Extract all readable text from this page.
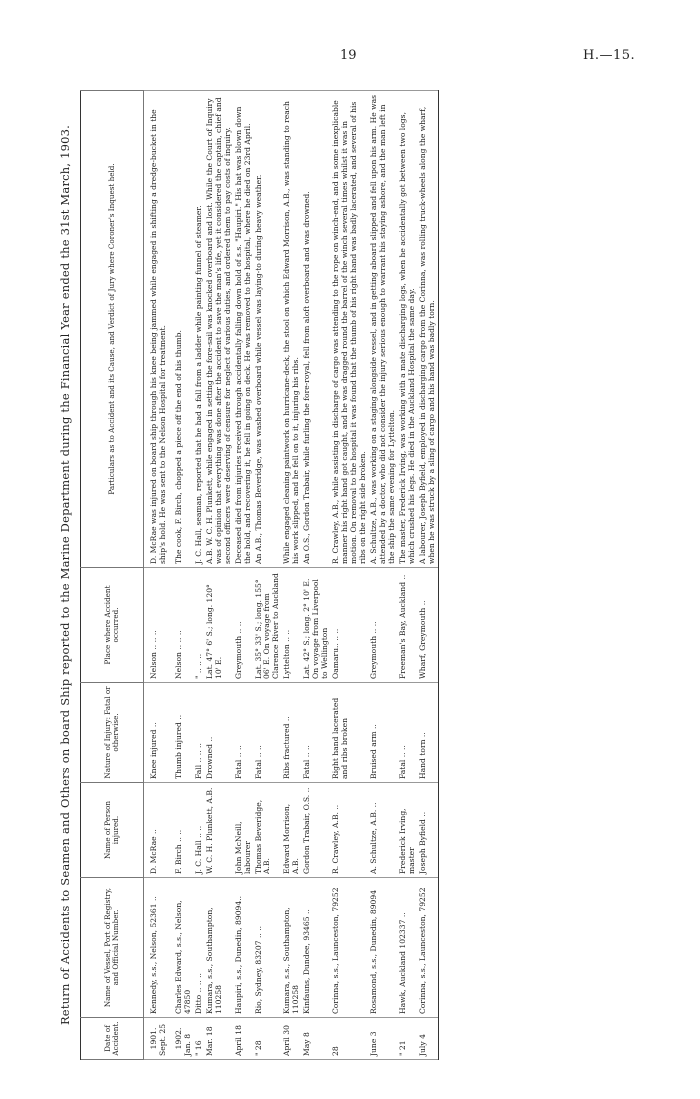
19	H.—15.
Return of Accidents to Seamen and Others on board Ship reported to the Marine Department during the Financial Year ended the 31st March, 1903.
Date of Accident.	Name of Vessel, Port of Registry, and Official Number.	Name of Person injured.	Nature of Injury: Fatal or otherwise.	Place where Accident occurred.	Particulars as to Accident and its Cause, and Verdict of Jury where Coroner's Inquest held.

1901. Sept. 25	Kennedy, s.s., Nelson, 52361 ..	D. McRae ..	Knee injured ..	Nelson .. .. ..	D. McRae was injured on board ship through his knee being jammed while engaged in shifting a dredge-bucket in the ship's hold. He was sent to the Nelson Hospital for treatment.

1902. Jan. 8	Charles Edward, s.s., Nelson, 47850	F. Birch .. ..	Thumb injured ..	Nelson .. .. ..	The cook, F. Birch, chopped a piece off the end of his thumb.
" 16	Ditto .. .. ..	J. C. Hall .. ..	Fall .. .. ..	" .. .. ..	J. C. Hall, seaman, reported that he had a fall from a ladder while painting funnel of steamer.
Mar. 18	Kumara, s.s., Southampton, 110258	W. C. H. Plunkett, A.B.	Drowned ..	Lat. 47° 6' S.; long. 120° 10' E.	A.B. W. C. H. Plunkett, while engaged in setting the fore-sail was knocked overboard and lost. While the Court of Inquiry was of opinion that everything was done after the accident to save the man's life, yet it considered the captain, chief and second officers were deserving of censure for neglect of various duties, and ordered them to pay costs of inquiry.
April 18	Haupiri, s.s., Dunedin, 89094..	John McNeill, labourer	Fatal .. ..	Greymouth .. ..	Deceased died from injuries received through accidentally falling down hold of s.s. "Haupiri." His hat was blown down the hold, and recovering it, he fell in going on deck. He was removed to the hospital, where he died on 23rd April.
" 28	Rio, Sydney, 83207 .. ..	Thomas Beveridge, A.B.	Fatal .. ..	Lat. 35° 33' S.; long. 155° 06' E. On voyage from Clarence River to Auckland	An A.B., Thomas Beveridge, was washed overboard while vessel was laying-to during heavy weather.
April 30	Kumara, s.s., Southampton, 110258	Edward Morrison, A.B.	Ribs fractured ..	Lyttelton .. ..	While engaged cleaning paintwork on hurricane-deck, the stool on which Edward Morrison, A.B., was standing to reach his work slipped, and he fell on to it, injuring his ribs.
May 8	Kinfauns, Dundee, 93465 ..	Gordon Trabair, O.S. ..	Fatal .. ..	Lat. 42° S.; long. 2° 10' E. On voyage from Liverpool to Wellington	An O.S., Gordon Trabair, while furling the fore-royal, fell from aloft overboard and was drowned.
28	Corinna, s.s., Launceston, 79252	R. Crawley, A.B. ..	Right hand lacerated and ribs broken	Oamaru.. .. ..	R. Crawley, A.B., while assisting in discharge of cargo was attending to the rope on winch-end, and in some inexplicable manner his right hand got caught, and he was dragged round the barrel of the winch several times whilst it was in motion. On removal to the hospital it was found that the thumb of his right hand was badly lacerated, and several of his ribs on the right side broken.
June 3	Rosamond, s.s., Dunedin, 89094	A. Schultze, A.B. ..	Bruised arm ..	Greymouth .. ..	A. Schultze, A.B., was working on a staging alongside vessel, and in getting aboard slipped and fell upon his arm. He was attended by a doctor, who did not consider the injury serious enough to warrant his staying ashore, and the man left in the ship the same evening for Lyttelton.
" 21	Hawk, Auckland 102337 ..	Frederick Irving, master	Fatal .. ..	Freeman's Bay, Auckland ..	The master, Frederick Irving, was working with a mate discharging logs, when he accidentally got between two logs, which crushed his legs. He died in the Auckland Hospital the same day.
July 4	Corinna, s.s., Launceston, 79252	Joseph Byfield ..	Hand torn ..	Wharf, Greymouth ..	A labourer, Joseph Byfield, employed in discharging cargo from the Corinna, was rolling truck-wheels along the wharf, when he was struck by a sling of cargo and his hand was badly torn.
